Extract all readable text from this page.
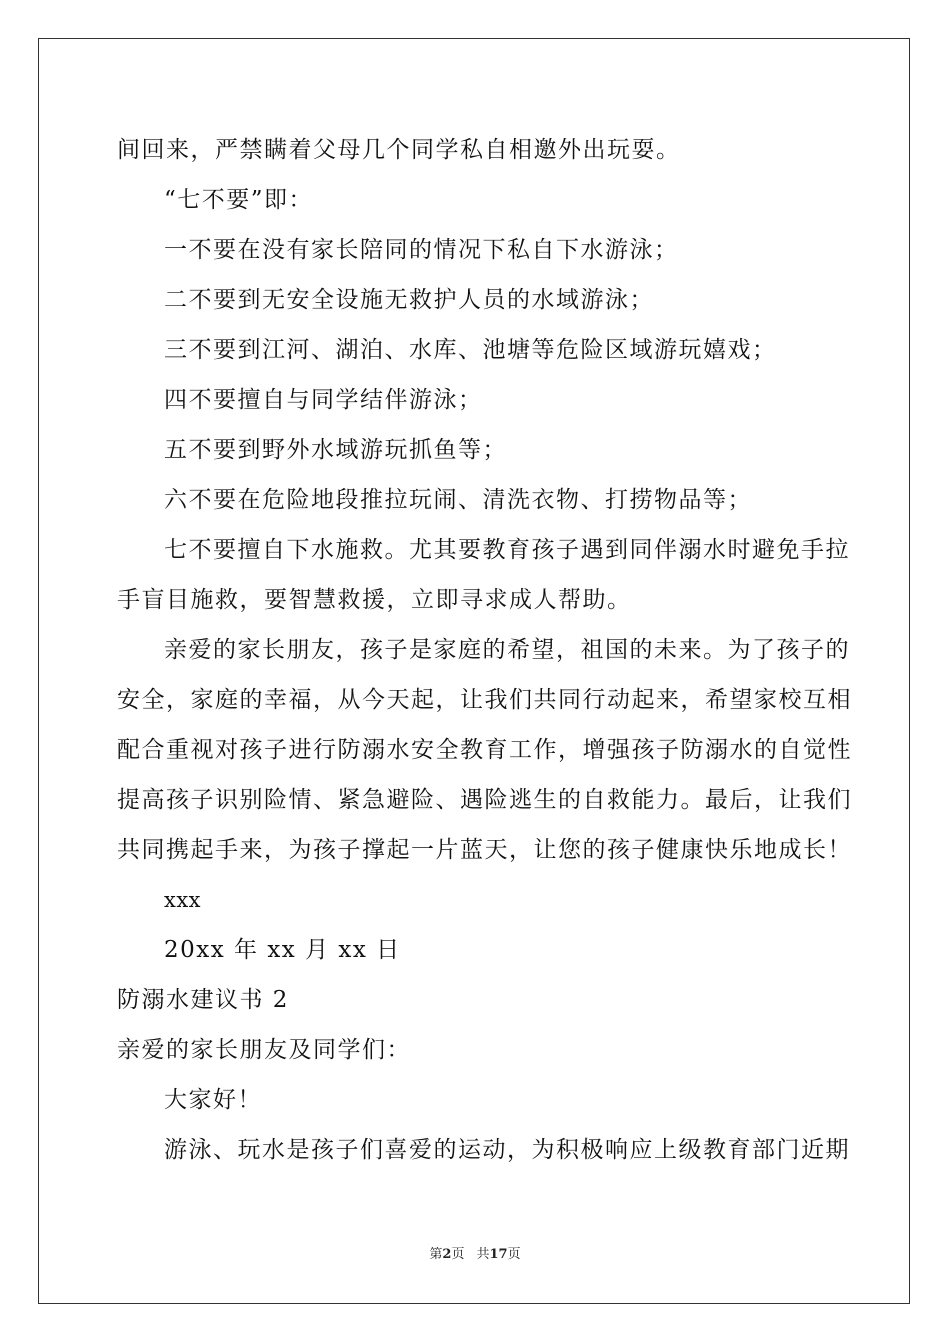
间回来，严禁瞒着父母几个同学私自相邀外出玩耍。
“七不要”即：
一不要在没有家长陪同的情况下私自下水游泳；
二不要到无安全设施无救护人员的水域游泳；
三不要到江河、湖泊、水库、池塘等危险区域游玩嬉戏；
四不要擅自与同学结伴游泳；
五不要到野外水域游玩抓鱼等；
六不要在危险地段推拉玩闹、清洗衣物、打捞物品等；
七不要擅自下水施救。尤其要教育孩子遇到同伴溺水时避免手拉
手盲目施救，要智慧救援，立即寻求成人帮助。
亲爱的家长朋友，孩子是家庭的希望，祖国的未来。为了孩子的
安全，家庭的幸福，从今天起，让我们共同行动起来，希望家校互相
配合重视对孩子进行防溺水安全教育工作，增强孩子防溺水的自觉性
提高孩子识别险情、紧急避险、遇险逃生的自救能力。最后，让我们
共同携起手来，为孩子撑起一片蓝天，让您的孩子健康快乐地成长！
xxx
20xx 年 xx 月 xx 日
防溺水建议书 2
亲爱的家长朋友及同学们：
大家好！
游泳、玩水是孩子们喜爱的运动，为积极响应上级教育部门近期
第2页 共17页
